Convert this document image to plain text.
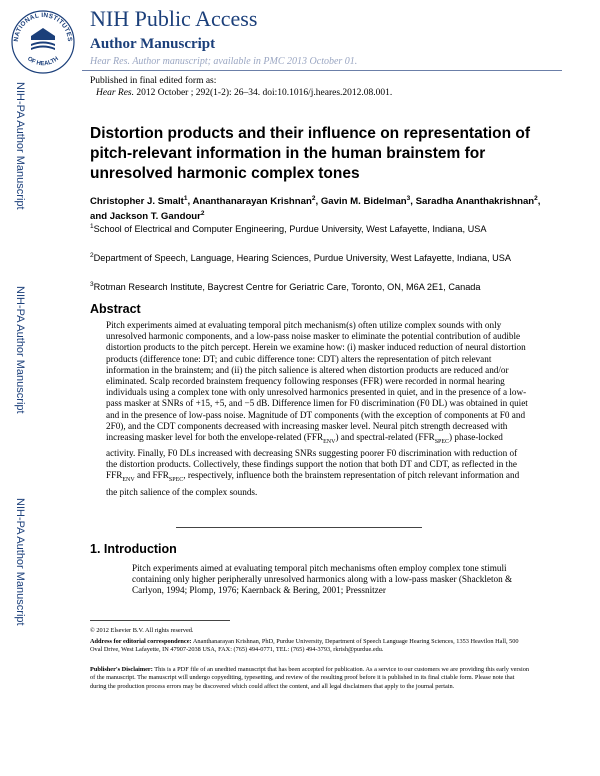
NATIONAL INSTITUTES
OF HEALTH
NIH Public Access
Author Manuscript
Hear Res. Author manuscript; available in PMC 2013 October 01.
Published in final edited form as:
Hear Res. 2012 October ; 292(1-2): 26–34. doi:10.1016/j.heares.2012.08.001.
NIH-PA Author Manuscript
NIH-PA Author Manuscript
NIH-PA Author Manuscript
Distortion products and their influence on representation of pitch-relevant information in the human brainstem for unresolved harmonic complex tones
Christopher J. Smalt$^1$, Ananthanarayan Krishnan$^2$, Gavin M. Bidelman$^3$, Saradha Ananthakrishnan$^2$, and Jackson T. Gandour$^2$
$^1$School of Electrical and Computer Engineering, Purdue University, West Lafayette, Indiana, USA
$^2$Department of Speech, Language, Hearing Sciences, Purdue University, West Lafayette, Indiana, USA
$^3$Rotman Research Institute, Baycrest Centre for Geriatric Care, Toronto, ON, M6A 2E1, Canada
Abstract
Pitch experiments aimed at evaluating temporal pitch mechanism(s) often utilize complex sounds with only unresolved harmonic components, and a low-pass noise masker to eliminate the potential contribution of audible distortion products to the pitch percept. Herein we examine how: (i) masker induced reduction of neural distortion products (difference tone: DT; and cubic difference tone: CDT) alters the representation of pitch relevant information in the brainstem; and (ii) the pitch salience is altered when distortion products are reduced and/or eliminated. Scalp recorded brainstem frequency following responses (FFR) were recorded in normal hearing individuals using a complex tone with only unresolved harmonics presented in quiet, and in the presence of a low-pass masker at SNRs of +15, +5, and −5 dB. Difference limen for F0 discrimination (F0 DL) was obtained in quiet and in the presence of low-pass noise. Magnitude of DT components (with the exception of components at F0 and 2F0), and the CDT components decreased with increasing masker level. Neural pitch strength decreased with increasing masker level for both the envelope-related $(FFR_{ENV})$ and spectral-related $(FFR_{SPEC})$ phase-locked activity. Finally, F0 DLs increased with decreasing SNRs suggesting poorer F0 discrimination with reduction of the distortion products. Collectively, these findings support the notion that both DT and CDT, as reflected in the $FFR_{ENV}$ and $FFR_{SPEC}$, respectively, influence both the brainstem representation of pitch relevant information and the pitch salience of the complex sounds.
1. Introduction
Pitch experiments aimed at evaluating temporal pitch mechanisms often employ complex tone stimuli containing only higher peripherally unresolved harmonics along with a low-pass masker (Shackleton & Carlyon, 1994; Plomp, 1976; Kaernback & Bering, 2001; Pressnitzer
© 2012 Elsevier B.V. All rights reserved.
Address for editorial correspondence: Ananthanarayan Krishnan, PhD, Purdue University, Department of Speech Language Hearing Sciences, 1353 Heavilon Hall, 500 Oval Drive, West Lafayette, IN 47907-2038 USA, FAX: (765) 494-0771, TEL: (765) 494-3793, rkrish@purdue.edu.
Publisher's Disclaimer: This is a PDF file of an unedited manuscript that has been accepted for publication. As a service to our customers we are providing this early version of the manuscript. The manuscript will undergo copyediting, typesetting, and review of the resulting proof before it is published in its final citable form. Please note that during the production process errors may be discovered which could affect the content, and all legal disclaimers that apply to the journal pertain.
